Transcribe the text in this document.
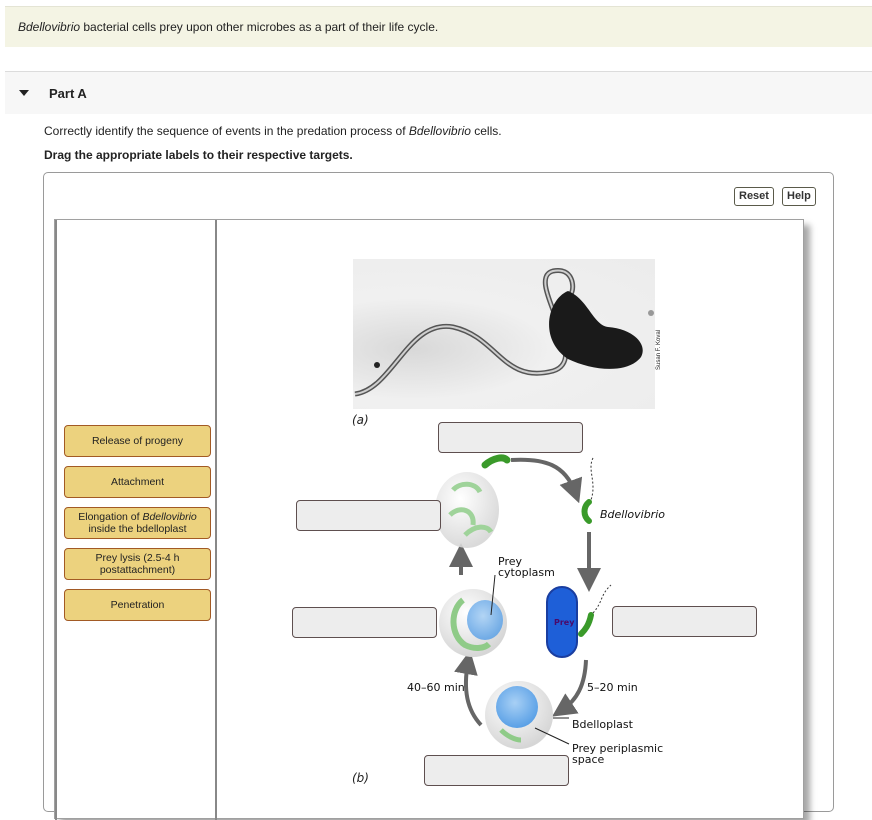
Bdellovibrio bacterial cells prey upon other microbes as a part of their life cycle.
Part A
Correctly identify the sequence of events in the predation process of Bdellovibrio cells.
Drag the appropriate labels to their respective targets.
Reset	Help
Release of progeny
Attachment
Elongation of Bdellovibrio inside the bdelloplast
Prey lysis (2.5-4 h postattachment)
Penetration
Susan F. Koval
(a)
Bdellovibrio
Prey
cytoplasm
Prey
40–60 min	5–20 min
Bdelloplast
Prey periplasmic
space
(b)
